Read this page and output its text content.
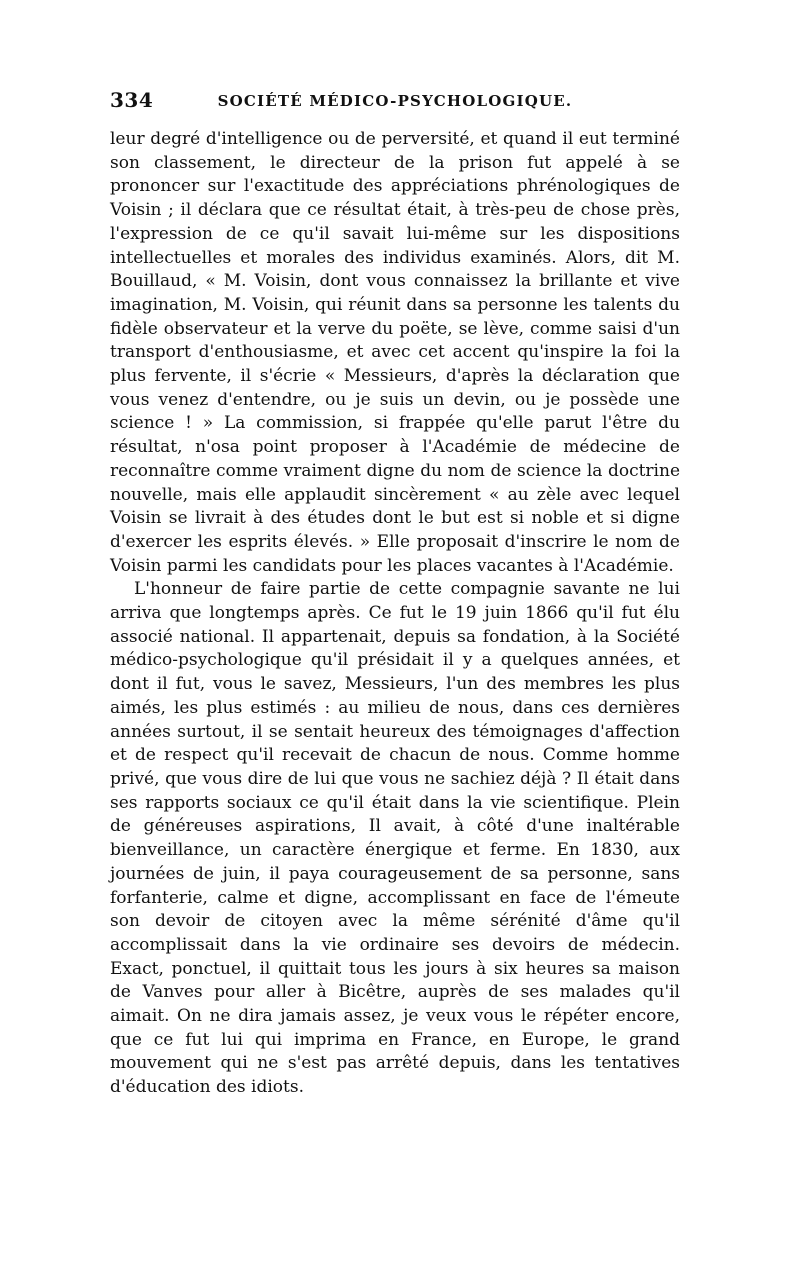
334	SOCIÉTÉ MÉDICO-PSYCHOLOGIQUE.

leur degré d'intelligence ou de perversité, et quand il eut terminé son classement, le directeur de la prison fut appelé à se prononcer sur l'exactitude des appréciations phrénologiques de Voisin ; il déclara que ce résultat était, à très-peu de chose près, l'expression de ce qu'il savait lui-même sur les dispositions intellectuelles et morales des individus examinés. Alors, dit M. Bouillaud, « M. Voisin, dont vous connaissez la brillante et vive imagination, M. Voisin, qui réunit dans sa personne les talents du fidèle observateur et la verve du poëte, se lève, comme saisi d'un transport d'enthousiasme, et avec cet accent qu'inspire la foi la plus fervente, il s'écrie « Messieurs, d'après la déclaration que vous venez d'entendre, ou je suis un devin, ou je possède une science ! » La commission, si frappée qu'elle parut l'être du résultat, n'osa point proposer à l'Académie de médecine de reconnaître comme vraiment digne du nom de science la doctrine nouvelle, mais elle applaudit sincèrement « au zèle avec lequel Voisin se livrait à des études dont le but est si noble et si digne d'exercer les esprits élevés. » Elle proposait d'inscrire le nom de Voisin parmi les candidats pour les places vacantes à l'Académie.

L'honneur de faire partie de cette compagnie savante ne lui arriva que longtemps après. Ce fut le 19 juin 1866 qu'il fut élu associé national. Il appartenait, depuis sa fondation, à la Société médico-psychologique qu'il présidait il y a quelques années, et dont il fut, vous le savez, Messieurs, l'un des membres les plus aimés, les plus estimés : au milieu de nous, dans ces dernières années surtout, il se sentait heureux des témoignages d'affection et de respect qu'il recevait de chacun de nous. Comme homme privé, que vous dire de lui que vous ne sachiez déjà ? Il était dans ses rapports sociaux ce qu'il était dans la vie scientifique. Plein de généreuses aspirations, Il avait, à côté d'une inaltérable bienveillance, un caractère énergique et ferme. En 1830, aux journées de juin, il paya courageusement de sa personne, sans forfanterie, calme et digne, accomplissant en face de l'émeute son devoir de citoyen avec la même sérénité d'âme qu'il accomplissait dans la vie ordinaire ses devoirs de médecin. Exact, ponctuel, il quittait tous les jours à six heures sa maison de Vanves pour aller à Bicêtre, auprès de ses malades qu'il aimait. On ne dira jamais assez, je veux vous le répéter encore, que ce fut lui qui imprima en France, en Europe, le grand mouvement qui ne s'est pas arrêté depuis, dans les tentatives d'éducation des idiots.
